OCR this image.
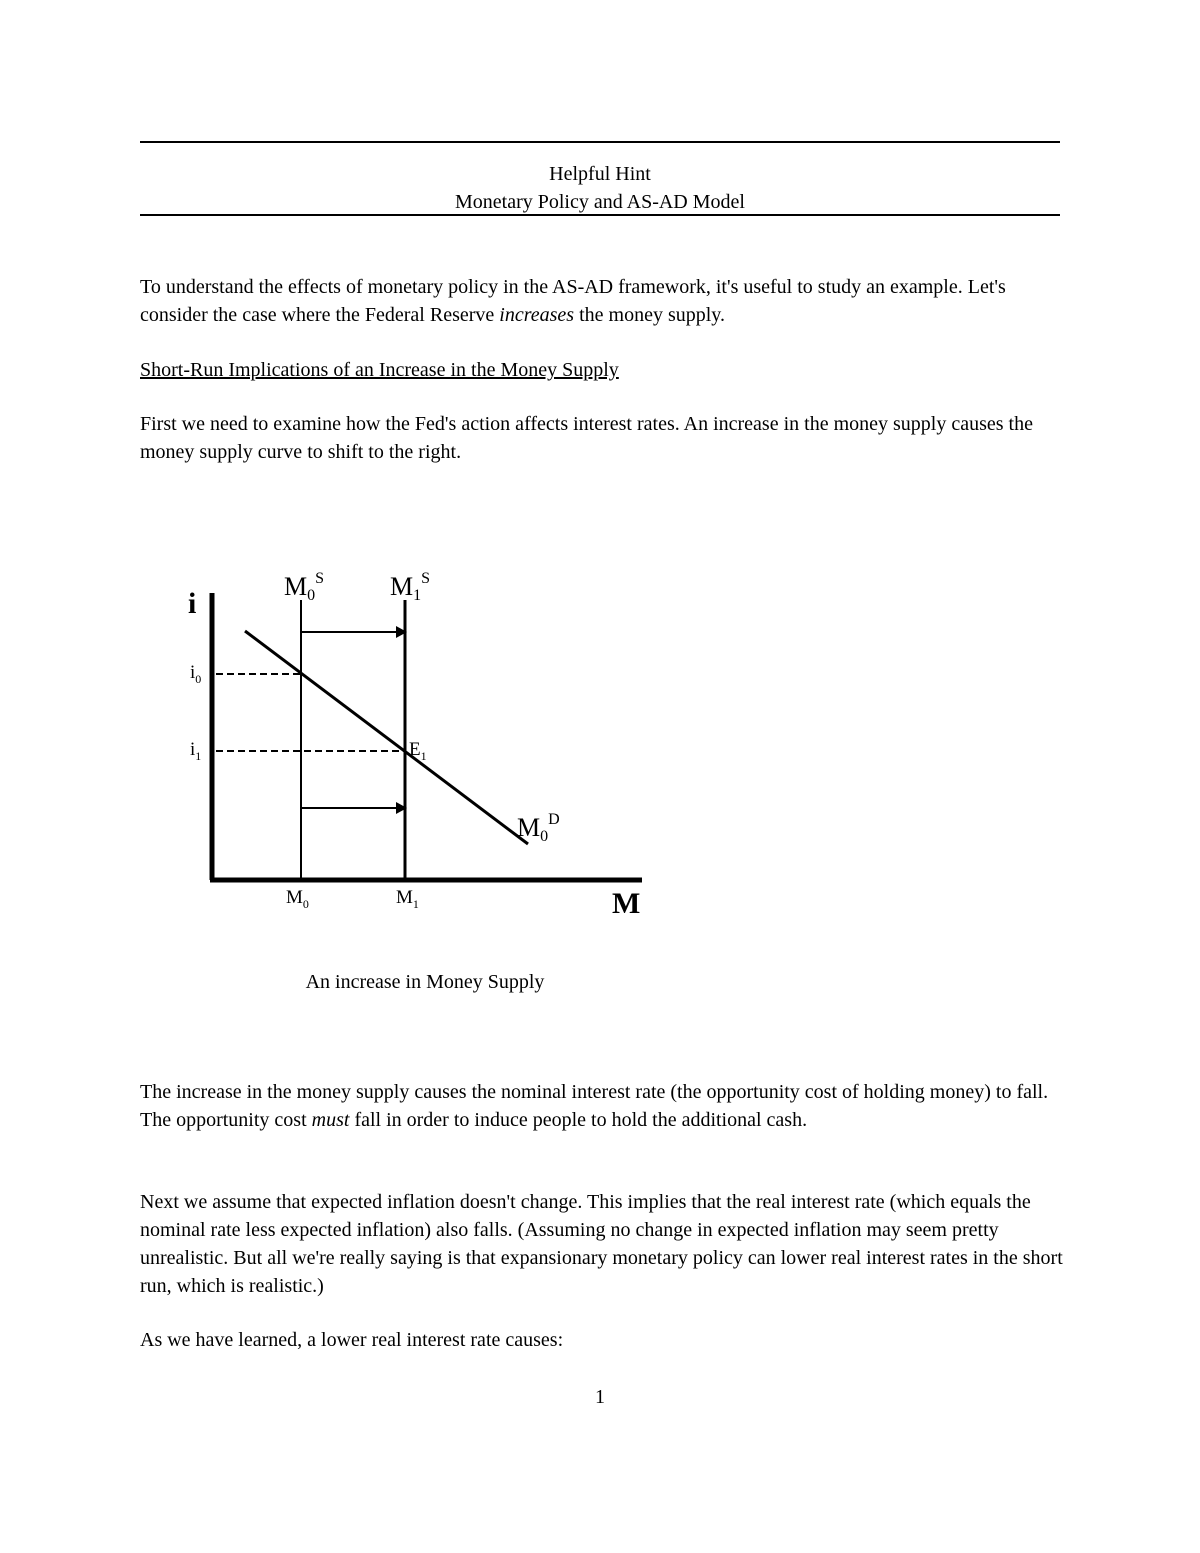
Helpful Hint
Monetary Policy and AS-AD Model

To understand the effects of monetary policy in the AS-AD framework, it's useful to study an example. Let's consider the case where the Federal Reserve increases the money supply.

Short-Run Implications of an Increase in the Money Supply

First we need to examine how the Fed's action affects interest rates. An increase in the money supply causes the money supply curve to shift to the right.

i
M
$M0^S$	$M1^S$
$M0^D$
$i_0$
$i_1$
$M_0$	$M_1$
$E_1$
An increase in Money Supply

The increase in the money supply causes the nominal interest rate (the opportunity cost of holding money) to fall. The opportunity cost must fall in order to induce people to hold the additional cash.

Next we assume that expected inflation doesn't change. This implies that the real interest rate (which equals the nominal rate less expected inflation) also falls. (Assuming no change in expected inflation may seem pretty unrealistic. But all we're really saying is that expansionary monetary policy can lower real interest rates in the short run, which is realistic.)

As we have learned, a lower real interest rate causes:

1
